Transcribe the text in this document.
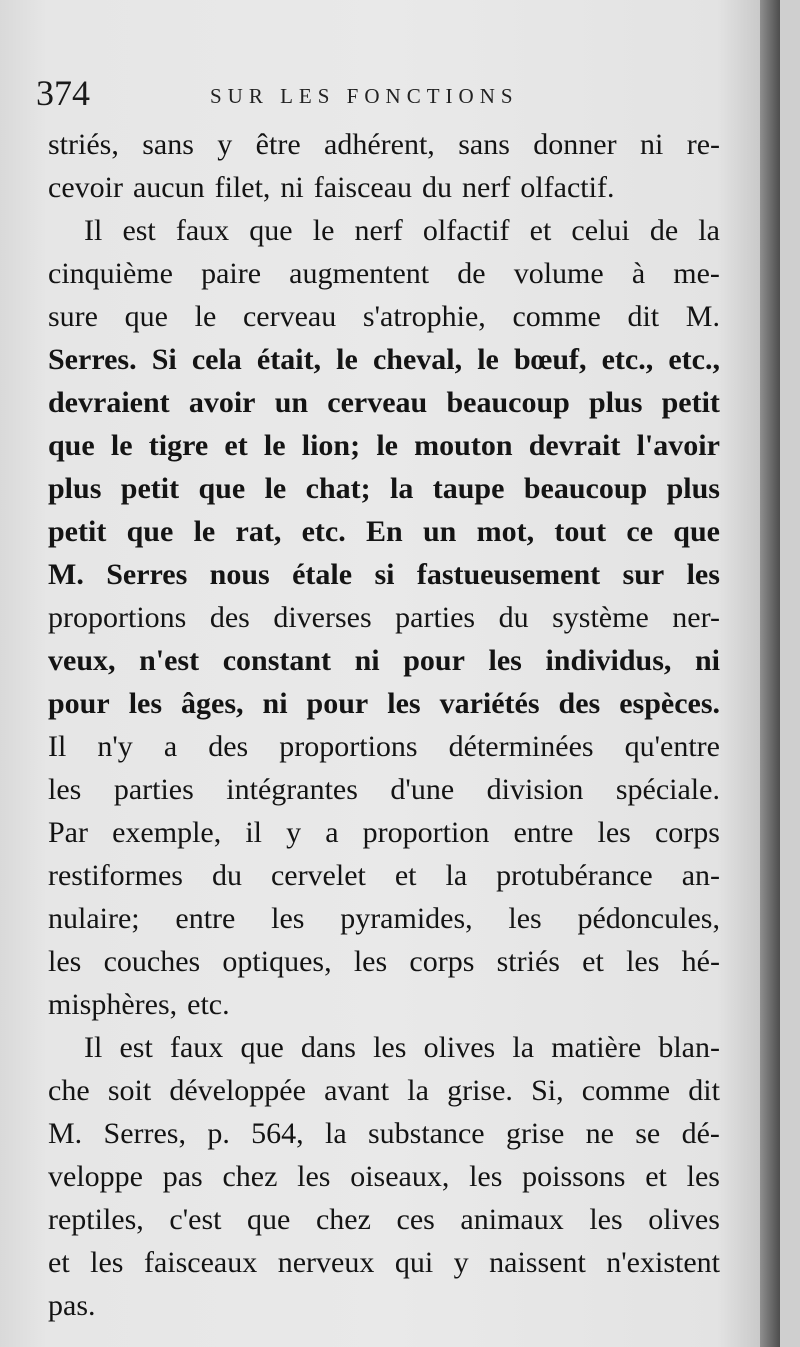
374	SUR LES FONCTIONS
striés, sans y être adhérent, sans donner ni re-
cevoir aucun filet, ni faisceau du nerf olfactif.
Il est faux que le nerf olfactif et celui de la
cinquième paire augmentent de volume à me-
sure que le cerveau s'atrophie, comme dit M.
Serres. Si cela était, le cheval, le bœuf, etc., etc.,
devraient avoir un cerveau beaucoup plus petit
que le tigre et le lion; le mouton devrait l'avoir
plus petit que le chat; la taupe beaucoup plus
petit que le rat, etc. En un mot, tout ce que
M. Serres nous étale si fastueusement sur les
proportions des diverses parties du système ner-
veux, n'est constant ni pour les individus, ni
pour les âges, ni pour les variétés des espèces.
Il n'y a des proportions déterminées qu'entre
les parties intégrantes d'une division spéciale.
Par exemple, il y a proportion entre les corps
restiformes du cervelet et la protubérance an-
nulaire; entre les pyramides, les pédoncules,
les couches optiques, les corps striés et les hé-
misphères, etc.
Il est faux que dans les olives la matière blan-
che soit développée avant la grise. Si, comme dit
M. Serres, p. 564, la substance grise ne se dé-
veloppe pas chez les oiseaux, les poissons et les
reptiles, c'est que chez ces animaux les olives
et les faisceaux nerveux qui y naissent n'existent
pas.
